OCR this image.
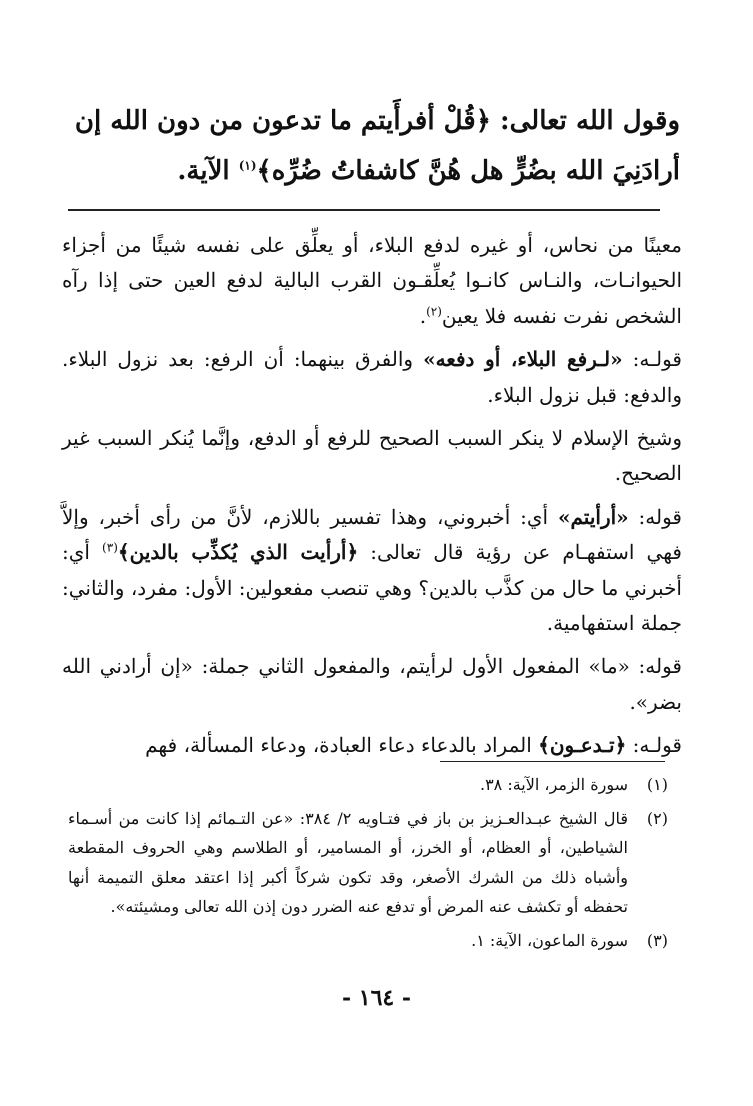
وقول الله تعالى: ﴿قُلْ أفرأَيتم ما تدعون من دون الله إن أرادَنِيَ الله بضُرٍّ هل هُنَّ كاشفاتُ ضُرِّه﴾$^{(١)}$ الآية.

معينًا من نحاس، أو غيره لدفع البلاء، أو يعلِّق على نفسه شيئًا من أجزاء الحيوانـات، والنـاس كانـوا يُعلِّقـون القرب البالية لدفع العين حتى إذا رآه الشخص نفرت نفسه فلا يعين$^{(٢)}$.

قولـه: «لـرفع البلاء، أو دفعه» والفرق بينهما: أن الرفع: بعد نزول البلاء. والدفع: قبل نزول البلاء.

وشيخ الإسلام لا ينكر السبب الصحيح للرفع أو الدفع، وإنَّما يُنكر السبب غير الصحيح.

قوله: «أرأيتم» أي: أخبروني، وهذا تفسير باللازم، لأنَّ من رأى أخبر، وإلاَّ فهي استفهـام عن رؤية قال تعالى: ﴿أرأيت الذي يُكذِّب بالدين﴾$^{(٣)}$ أي: أخبرني ما حال من كذَّب بالدين؟ وهي تنصب مفعولين: الأول: مفرد، والثاني: جملة استفهامية.

قوله: «ما» المفعول الأول لرأيتم، والمفعول الثاني جملة: «إن أرادني الله بضر».

قولـه: ﴿تـدعـون﴾ المراد بالدعاء دعاء العبادة، ودعاء المسألة، فهم

(١)
سورة الزمر، الآية: ٣٨.
(٢)
قال الشيخ عبـدالعـزيز بن باز في فتـاويه ٢/ ٣٨٤: «عن التـمائم إذا كانت من أسـماء الشياطين، أو العظام، أو الخرز، أو المسامير، أو الطلاسم وهي الحروف المقطعة وأشباه ذلك من الشرك الأصغر، وقد تكون شركاً أكبر إذا اعتقد معلق التميمة أنها تحفظه أو تكشف عنه المرض أو تدفع عنه الضرر دون إذن الله تعالى ومشيئته».
(٣)
سورة الماعون، الآية: ١.
- ١٦٤ -
